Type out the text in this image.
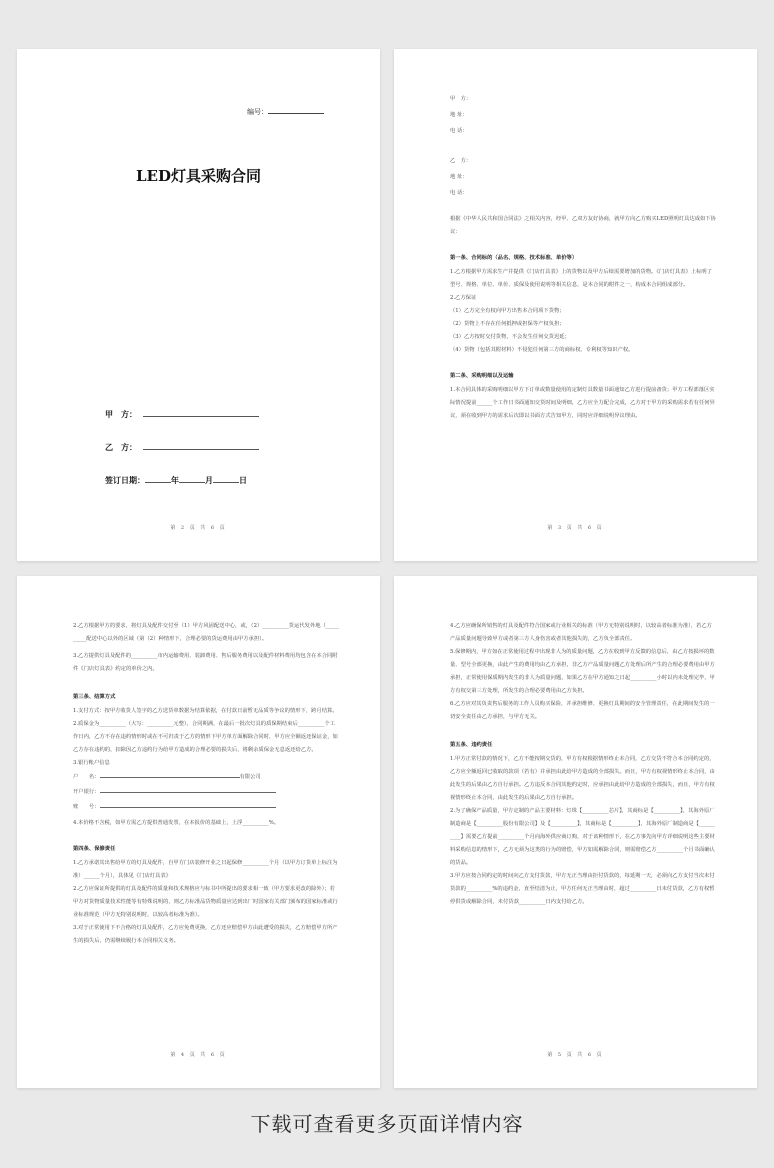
编号：
LED灯具采购合同
甲　方：
乙　方：
签订日期：	年	月	日
第 2 页 共 6 页

甲　方：

地 址：

电 话：

乙　方：

地 址：

电 话：

根据《中华人民共和国合同法》之相关内容，经甲、乙双方友好协商，就甲方向乙方购买LED照明灯具达成如下协议：

第一条、合同标的（品名、规格、技术标准、单价等）

1.乙方根据甲方需求生产并提供《门店灯具表》上的货物以及甲方后续需要增加的货物。《门店灯具表》上标明了型号、规格、单位、单价、质保及使用说明等相关信息，是本合同的附件之一，构成本合同组成部分。

2.乙方保证

（1）乙方完全有权向甲方出售本合同项下货物；

（2）货物上不存在任何抵押或担保等产权负担；

（3）乙方按时交付货物，不会发生任何交货迟延；

（4）货物（包括其附材料）不侵犯任何第三方的商标权、专利权等知识产权。

第二条、采购明细以及运输

1.本合同具体的采购明细以甲方下订单或数量使用的定制灯具数量书面通知乙方进行提前备货；甲方工程部落区实际情况提前______个工作日书面通知交货时间及明细，乙方应全力配合完成，乙方对于甲方的采购需求若有任何异议，须在收到甲方的需求后次即以书面方式告知甲方，同时应详细说明异议理由。

第 3 页 共 6 页

2.乙方根据甲方的要求，将灯具及配件交付至（1）甲方风固配送中心，或，（2）__________货运代发外地（__________配送中心以外的区域（第（2）种情形下，合理必要的货运费用由甲方承担）。

3.乙方提供灯具及配件的__________市内运输费用、装卸费用、售后服务费用以及配件材料费用均包含在本合同附件《门店灯具表》约定的单价之内。

第三条、结算方式

1.支付方式：按甲方收货人签字的乙方送货单数据为结算依据，在付款日前暂无品质等争议的情形下，跨月结算。

2.质保金为__________（大写：__________元整），合同期满，在最后一批次灯具的质保期结束后__________个工作日内，乙方不存在违约情形时或在不可归责于乙方的情形下甲方单方面解除合同时，甲方应全额返还保证金，如乙方存在违约的，扣除因乙方违约行为给甲方造成的合理必要的损失后，将剩余质保金无息返还给乙方。

3.银行帐户信息

户　　名：	有限公司

开户银行：

账　　号：

4.本价格不含税，如甲方需乙方提供普通发票，在本报价的基础上，上浮__________%。

第四条、保修责任

1.乙方承诺其出售给甲方的灯具及配件，自甲方门店装修开业之日起保修__________个月（以甲方订货单上标注为准）______个月），具体见《门店灯具表》

2.乙方应保证所提供的灯具及配件的质量和技术规格应与标书中所提出的要求相一致（甲方要求更改的除外）；若甲方对货物质量技术性能等有特殊说明的，则乙方标准品货物质量应达到出厂时国家有关部门颁布的国家标准或行业标准规范（甲方无特别说明时，以较高者标准为准）。

3.对于正常使用下不合格的灯具及配件，乙方应免费更换，乙方还应赔偿甲方由此遭受的损失，乙方赔偿甲方所产生的损失后，仍需继续履行本合同相关义务。

第 4 页 共 6 页

4.乙方应确保所销售的灯具及配件符合国家或行业相关的标准（甲方无特别说明时，以较高者标准为准），若乙方产品质量问题导致甲方或者第三方人身伤害或者其他损失的，乙方负全部责任。

5.保修期内，甲方如在正常使用过程中出现非人为的质量问题，乙方在收到甲方反馈的信息后，由乙方按损坏的数量、型号全部更换，由此产生的费用均由乙方承担，非乙方产品质量问题乙方处理后所产生的合理必要费用由甲方承担，正常使用保质期内发生的非人为质量问题，如果乙方在甲方通知之日起__________小时以内未处理完毕，甲方有权交第三方处理，所发生的合理必要费用由乙方负担。

6.乙方应对其负责售后服务的工作人员购买保险，并承担维修、更换灯具期间的安全管理责任，在此期间发生的一切安全责任由乙方承担，与甲方无关。

第五条、违约责任

1.甲方正常付款的情况下，乙方不能按期交货的，甲方有权根据情形终止本合同，乙方交货不符合本合同约定的，乙方应全额返回已收取的款项（若有）并承担由此给甲方造成的全部损失。而且，甲方有权视情形终止本合同，由此发生的后果由乙方自行承担。乙方违反本合同其他约定时，应承担由此给甲方造成的全部损失，而且，甲方有权视情形终止本合同，由此发生的后果由乙方自行承担。

2.为了确保产品质量，甲方定制的产品主要材料：灯珠【__________芯片】，其商标是【__________】，其海外原厂制造商是【__________股份有限公司】及【__________】，其商标是【__________】，其海外原厂制造商是【__________】需要乙方提前__________个月向海外供应商订购，对于该种情形下，在乙方事先向甲方详细说明这些主要材料采购信息的情形下，乙方无须为这类的行为的赔偿，甲方如需解除合同，则需赔偿乙方__________个月书面确认的货品。

3.甲方应按合同约定的时间向乙方支付货款，甲方无正当理由拒付货款的，每延期一天，必须向乙方支付当次未付货款的__________%的违约金，直至结清为止，甲方任何无正当理由时，超过__________日未付货款，乙方有权暂停供货或解除合同，未付货款__________日内支付给乙方。

第 5 页 共 6 页
下载可查看更多页面详情内容
